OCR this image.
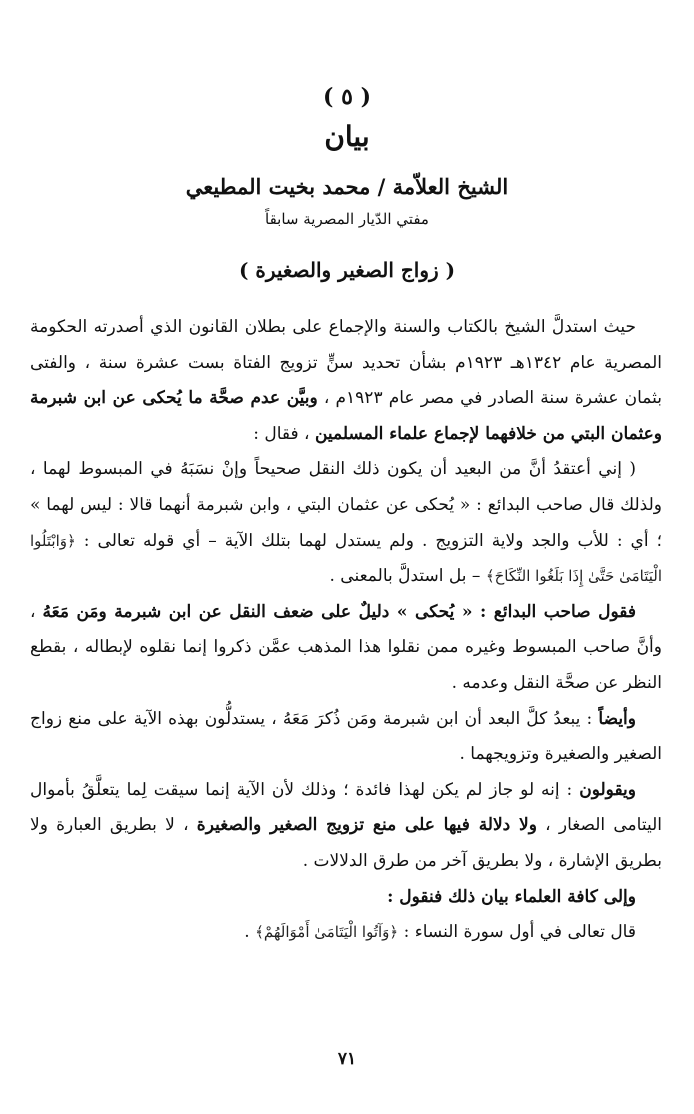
( ٥ )
بيان
الشيخ العلاّمة / محمد بخيت المطيعي
مفتي الدّيار المصرية سابقاً
( زواج الصغير والصغيرة )

حيث استدلَّ الشيخ بالكتاب والسنة والإجماع على بطلان القانون الذي أصدرته الحكومة المصرية عام ١٣٤٢هـ ١٩٢٣م بشأن تحديد سنٍّ تزويج الفتاة بست عشرة سنة ، والفتى بثمان عشرة سنة الصادر في مصر عام ١٩٢٣م ، وبيَّن عدم صحَّة ما يُحكى عن ابن شبرمة وعثمان البتي من خلافهما لإجماع علماء المسلمين ، فقال :

( إني أعتقدُ أنَّ من البعيد أن يكون ذلك النقل صحيحاً وإنْ نسَبَهُ في المبسوط لهما ، ولذلك قال صاحب البدائع : « يُحكى عن عثمان البتي ، وابن شبرمة أنهما قالا : ليس لهما » ؛ أي : للأب والجد ولاية التزويج . ولم يستدل لهما بتلك الآية – أي قوله تعالى : ﴿وَابْتَلُوا الْيَتَامَىٰ حَتَّىٰ إِذَا بَلَغُوا النِّكَاحَ﴾ – بل استدلَّ بالمعنى .

فقول صاحب البدائع : « يُحكى » دليلٌ على ضعف النقل عن ابن شبرمة ومَن مَعَهُ ، وأنَّ صاحب المبسوط وغيره ممن نقلوا هذا المذهب عمَّن ذكروا إنما نقلوه لإبطاله ، بقطع النظر عن صحَّة النقل وعدمه .

وأيضاً : يبعدُ كلَّ البعد أن ابن شبرمة ومَن ذُكرَ مَعَهُ ، يستدلُّون بهذه الآية على منع زواج الصغير والصغيرة وتزويجهما .

ويقولون : إنه لو جاز لم يكن لهذا فائدة ؛ وذلك لأن الآية إنما سيقت لِما يتعلَّقُ بأموال اليتامى الصغار ، ولا دلالة فيها على منع تزويج الصغير والصغيرة ، لا بطريق العبارة ولا بطريق الإشارة ، ولا بطريق آخر من طرق الدلالات .

وإلى كافة العلماء بيان ذلك فنقول :

قال تعالى في أول سورة النساء : ﴿وَآتُوا الْيَتَامَىٰ أَمْوَالَهُمْ﴾ .

٧١
